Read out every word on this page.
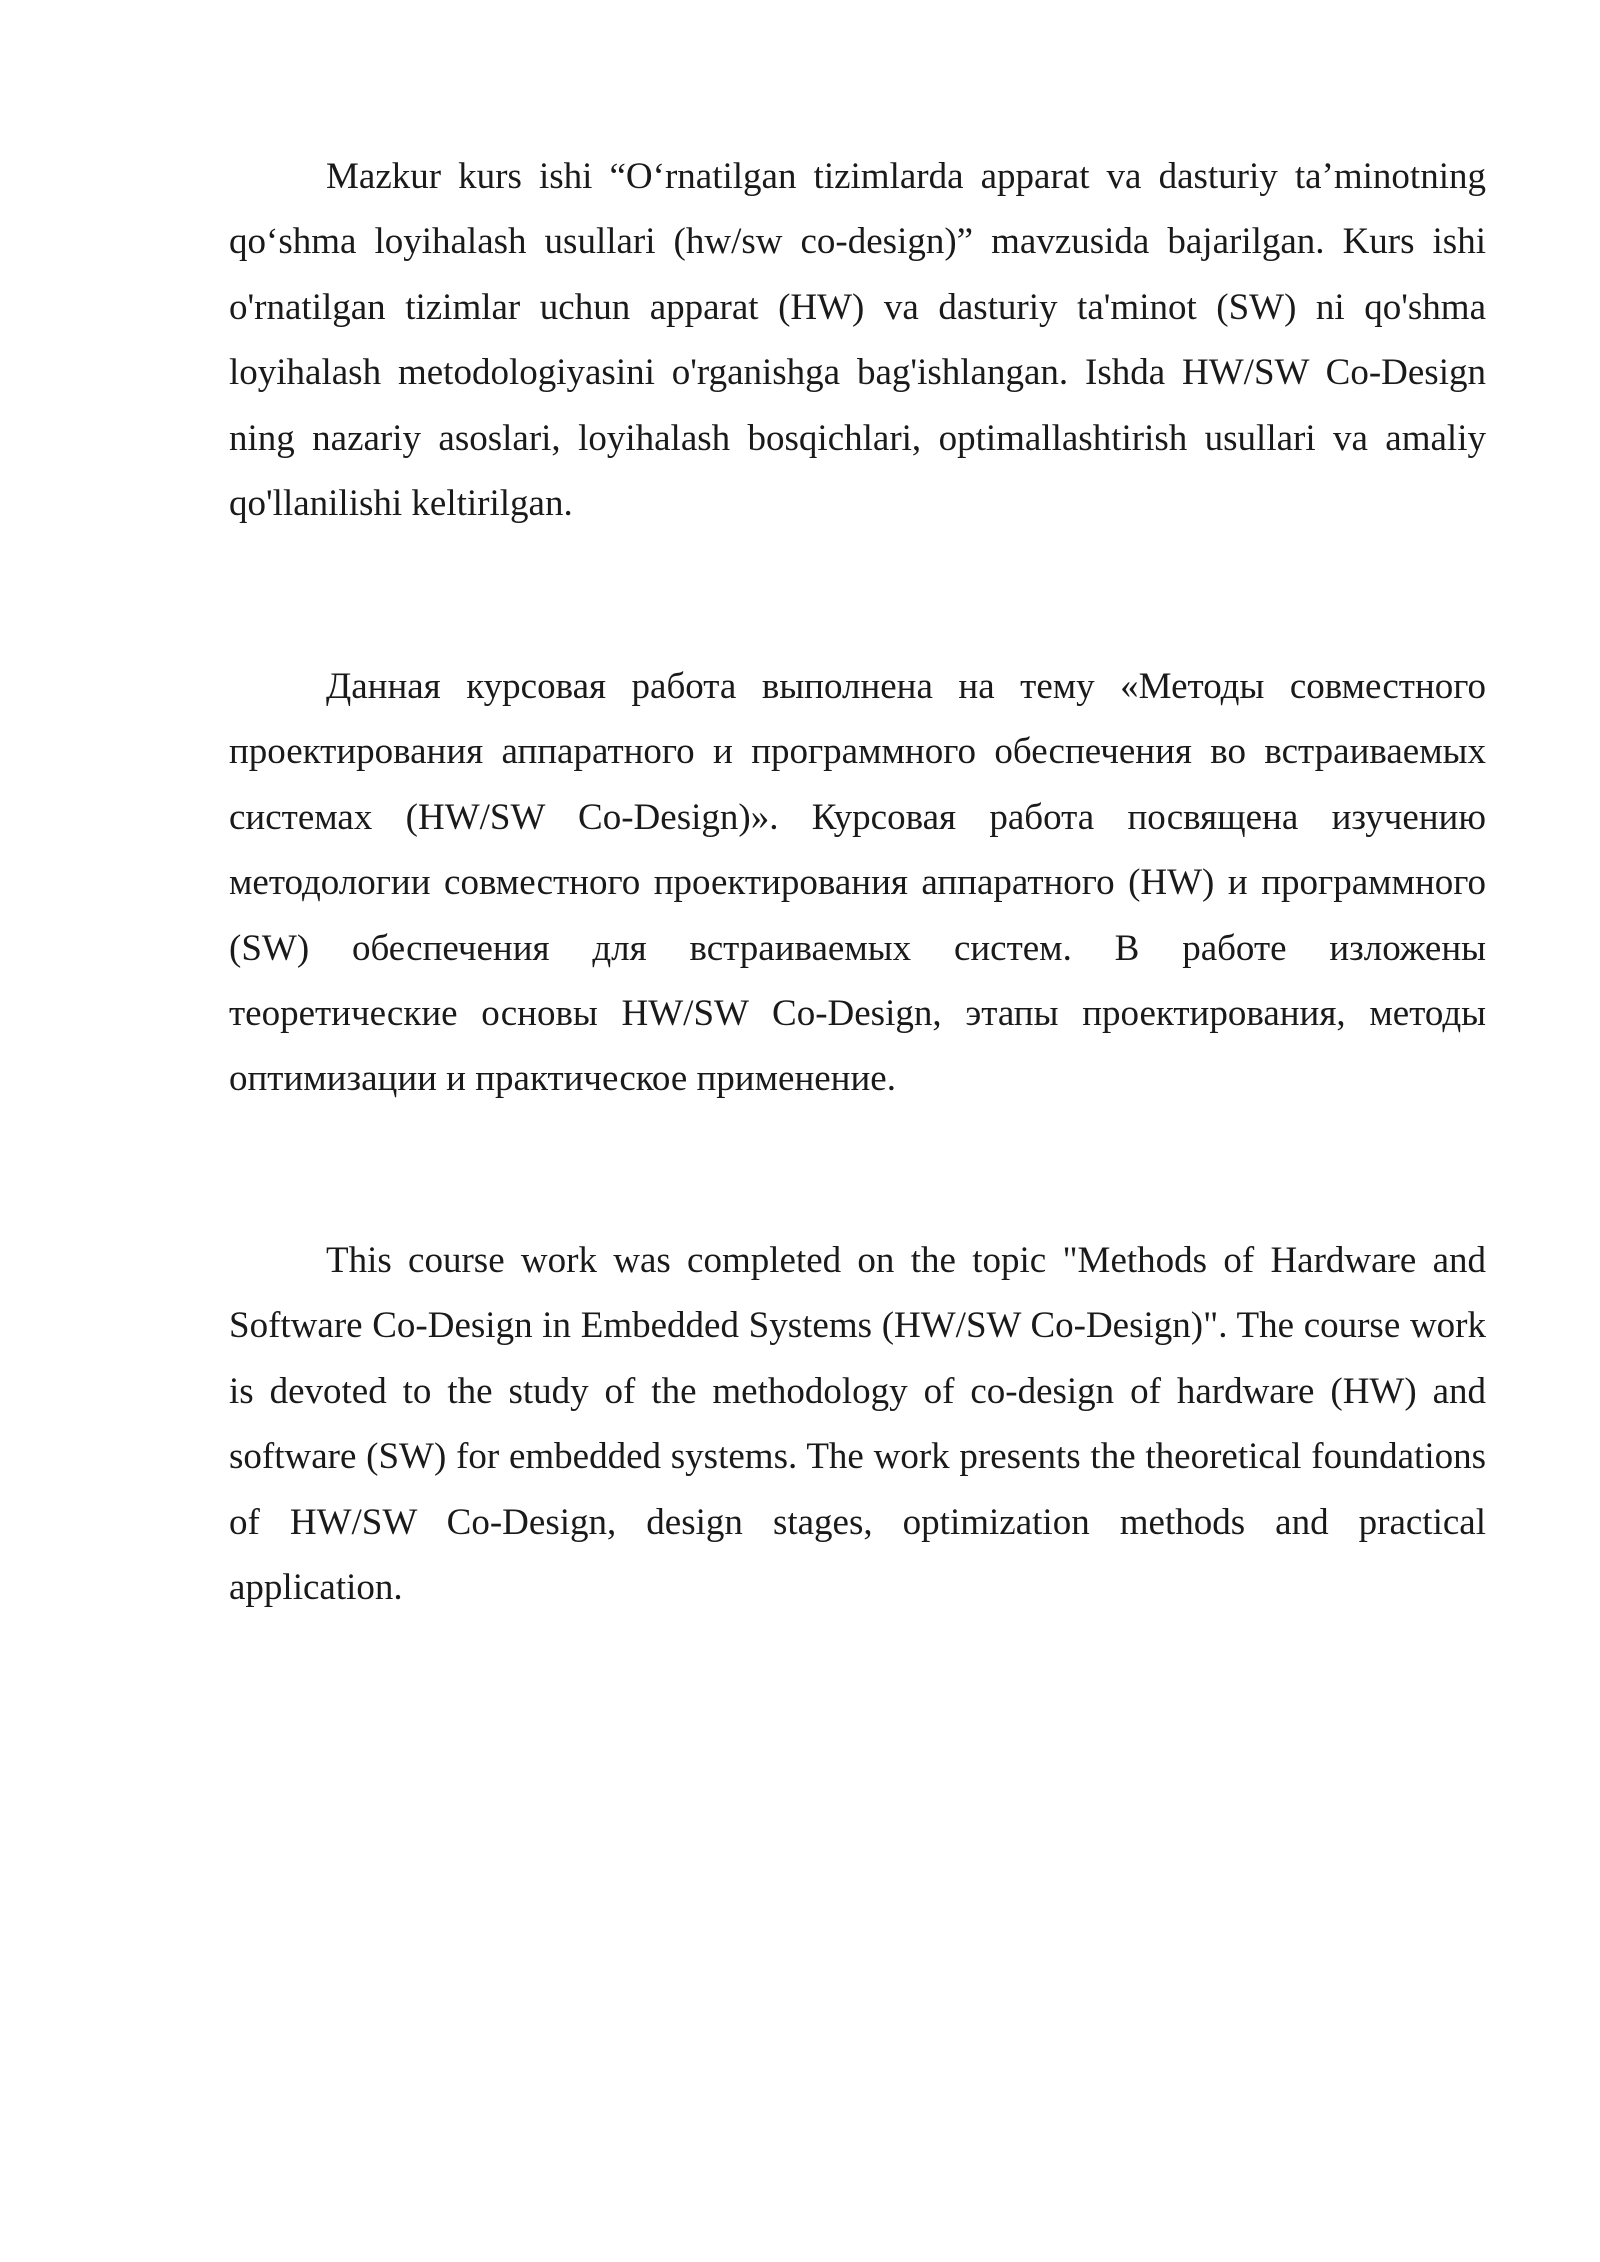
Mazkur kurs ishi “Oʻrnatilgan tizimlarda apparat va dasturiy ta’minotning qoʻshma loyihalash usullari (hw/sw co-design)” mavzusida bajarilgan. Kurs ishi o'rnatilgan tizimlar uchun apparat (HW) va dasturiy ta'minot (SW) ni qo'shma loyihalash metodologiyasini o'rganishga bag'ishlangan. Ishda HW/SW Co-Design ning nazariy asoslari, loyihalash bosqichlari, optimallashtirish usullari va amaliy qo'llanilishi keltirilgan.

Данная курсовая работа выполнена на тему «Методы совместного проектирования аппаратного и программного обеспечения во встраиваемых системах (HW/SW Co-Design)». Курсовая работа посвящена изучению методологии совместного проектирования аппаратного (HW) и программного (SW) обеспечения для встраиваемых систем. В работе изложены теоретические основы HW/SW Co-Design, этапы проектирования, методы оптимизации и практическое применение.

This course work was completed on the topic "Methods of Hardware and Software Co-Design in Embedded Systems (HW/SW Co-Design)". The course work is devoted to the study of the methodology of co-design of hardware (HW) and software (SW) for embedded systems. The work presents the theoretical foundations of HW/SW Co-Design, design stages, optimization methods and practical application.
